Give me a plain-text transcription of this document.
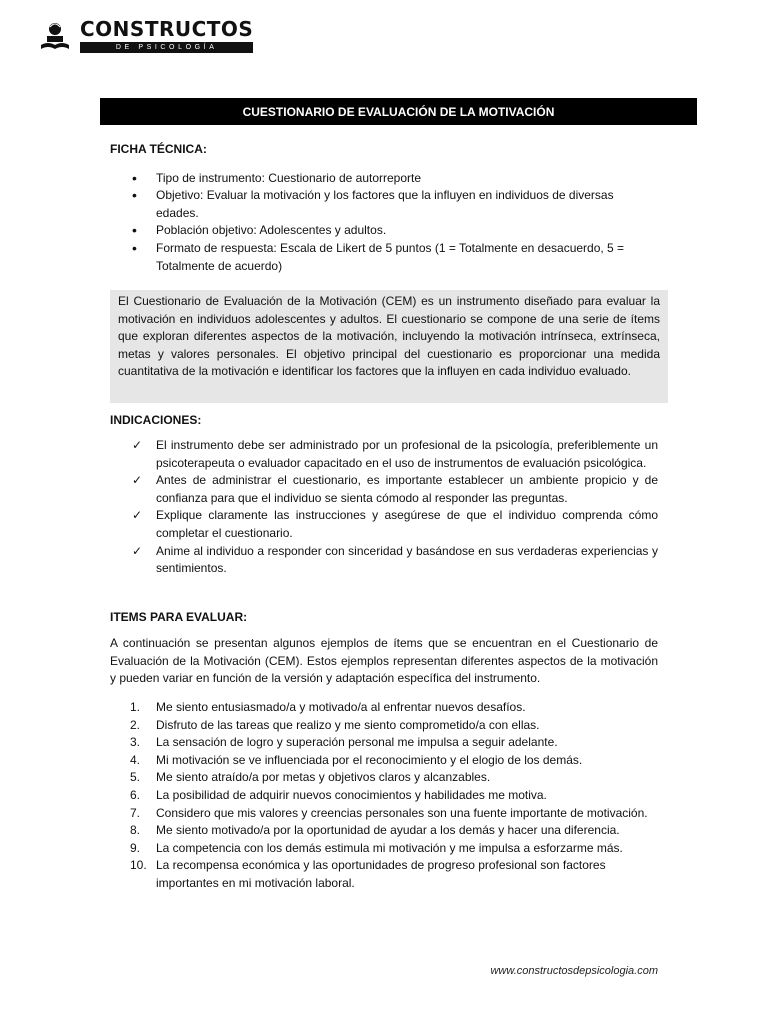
CONSTRUCTOS
DE PSICOLOGÍA
CUESTIONARIO DE EVALUACIÓN DE LA MOTIVACIÓN

FICHA TÉCNICA:

• Tipo de instrumento: Cuestionario de autorreporte
• Objetivo: Evaluar la motivación y los factores que la influyen en individuos de diversas edades.
• Población objetivo: Adolescentes y adultos.
• Formato de respuesta: Escala de Likert de 5 puntos (1 = Totalmente en desacuerdo, 5 = Totalmente de acuerdo)

El Cuestionario de Evaluación de la Motivación (CEM) es un instrumento diseñado para evaluar la motivación en individuos adolescentes y adultos. El cuestionario se compone de una serie de ítems que exploran diferentes aspectos de la motivación, incluyendo la motivación intrínseca, extrínseca, metas y valores personales. El objetivo principal del cuestionario es proporcionar una medida cuantitativa de la motivación e identificar los factores que la influyen en cada individuo evaluado.

INDICACIONES:
✓ El instrumento debe ser administrado por un profesional de la psicología, preferiblemente un psicoterapeuta o evaluador capacitado en el uso de instrumentos de evaluación psicológica.
✓ Antes de administrar el cuestionario, es importante establecer un ambiente propicio y de confianza para que el individuo se sienta cómodo al responder las preguntas.
✓ Explique claramente las instrucciones y asegúrese de que el individuo comprenda cómo completar el cuestionario.
✓ Anime al individuo a responder con sinceridad y basándose en sus verdaderas experiencias y sentimientos.
ITEMS PARA EVALUAR:

A continuación se presentan algunos ejemplos de ítems que se encuentran en el Cuestionario de Evaluación de la Motivación (CEM). Estos ejemplos representan diferentes aspectos de la motivación y pueden variar en función de la versión y adaptación específica del instrumento.

1. Me siento entusiasmado/a y motivado/a al enfrentar nuevos desafíos.
2. Disfruto de las tareas que realizo y me siento comprometido/a con ellas.
3. La sensación de logro y superación personal me impulsa a seguir adelante.
4. Mi motivación se ve influenciada por el reconocimiento y el elogio de los demás.
5. Me siento atraído/a por metas y objetivos claros y alcanzables.
6. La posibilidad de adquirir nuevos conocimientos y habilidades me motiva.
7. Considero que mis valores y creencias personales son una fuente importante de motivación.
8. Me siento motivado/a por la oportunidad de ayudar a los demás y hacer una diferencia.
9. La competencia con los demás estimula mi motivación y me impulsa a esforzarme más.
10. La recompensa económica y las oportunidades de progreso profesional son factores importantes en mi motivación laboral.
www.constructosdepsicologia.com
